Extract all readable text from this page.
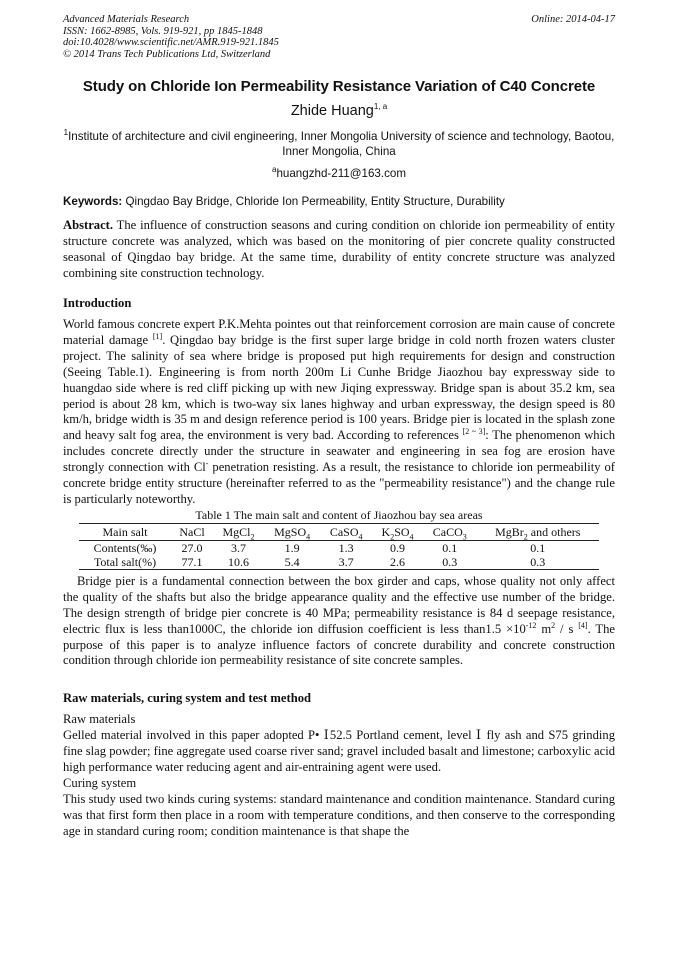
Advanced Materials Research
ISSN: 1662-8985, Vols. 919-921, pp 1845-1848
doi:10.4028/www.scientific.net/AMR.919-921.1845
© 2014 Trans Tech Publications Ltd, Switzerland
Online: 2014-04-17
Study on Chloride Ion Permeability Resistance Variation of C40 Concrete
Zhide Huang$^{1, a}$
$^1$Institute of architecture and civil engineering, Inner Mongolia University of science and technology, Baotou, Inner Mongolia, China
$^a$huangzhd-211@163.com
Keywords: Qingdao Bay Bridge, Chloride Ion Permeability, Entity Structure, Durability
Abstract. The influence of construction seasons and curing condition on chloride ion permeability of entity structure concrete was analyzed, which was based on the monitoring of pier concrete quality constructed seasonal of Qingdao bay bridge. At the same time, durability of entity concrete structure was analyzed combining site construction technology.
Introduction
World famous concrete expert P.K.Mehta pointes out that reinforcement corrosion are main cause of concrete material damage [1]. Qingdao bay bridge is the first super large bridge in cold north frozen waters cluster project. The salinity of sea where bridge is proposed put high requirements for design and construction (Seeing Table.1). Engineering is from north 200m Li Cunhe Bridge Jiaozhou bay expressway side to huangdao side where is red cliff picking up with new Jiqing expressway. Bridge span is about 35.2 km, sea period is about 28 km, which is two-way six lanes highway and urban expressway, the design speed is 80 km/h, bridge width is 35 m and design reference period is 100 years. Bridge pier is located in the splash zone and heavy salt fog area, the environment is very bad. According to references [2 ~ 3]: The phenomenon which includes concrete directly under the structure in seawater and engineering in sea fog are erosion have strongly connection with Cl- penetration resisting. As a result, the resistance to chloride ion permeability of concrete bridge entity structure (hereinafter referred to as the "permeability resistance") and the change rule is particularly noteworthy.
Table 1 The main salt and content of Jiaozhou bay sea areas
Main salt	NaCl	MgCl$_2$	MgSO$_4$	CaSO$_4$	$K_2SO_4$	CaCO$_3$	MgBr$_2$ and others
Contents(‰)	27.0	3.7	1.9	1.3	0.9	0.1	0.1
Total salt(%)	77.1	10.6	5.4	3.7	2.6	0.3	0.3
Bridge pier is a fundamental connection between the box girder and caps, whose quality not only affect the quality of the shafts but also the bridge appearance quality and the effective use number of the bridge. The design strength of bridge pier concrete is 40 MPa; permeability resistance is 84 d seepage resistance, electric flux is less than1000C, the chloride ion diffusion coefficient is less than1.5 $\times 10^{-12}$ $m^2$ / s [4]. The purpose of this paper is to analyze influence factors of concrete durability and concrete construction condition through chloride ion permeability resistance of site concrete samples.
Raw materials, curing system and test method
Raw materials
Gelled material involved in this paper adopted P• Ⅰ52.5 Portland cement, level Ⅰ fly ash and S75 grinding fine slag powder; fine aggregate used coarse river sand; gravel included basalt and limestone; carboxylic acid high performance water reducing agent and air-entraining agent were used.
Curing system
This study used two kinds curing systems: standard maintenance and condition maintenance. Standard curing was that first form then place in a room with temperature conditions, and then conserve to the corresponding age in standard curing room; condition maintenance is that shape the
